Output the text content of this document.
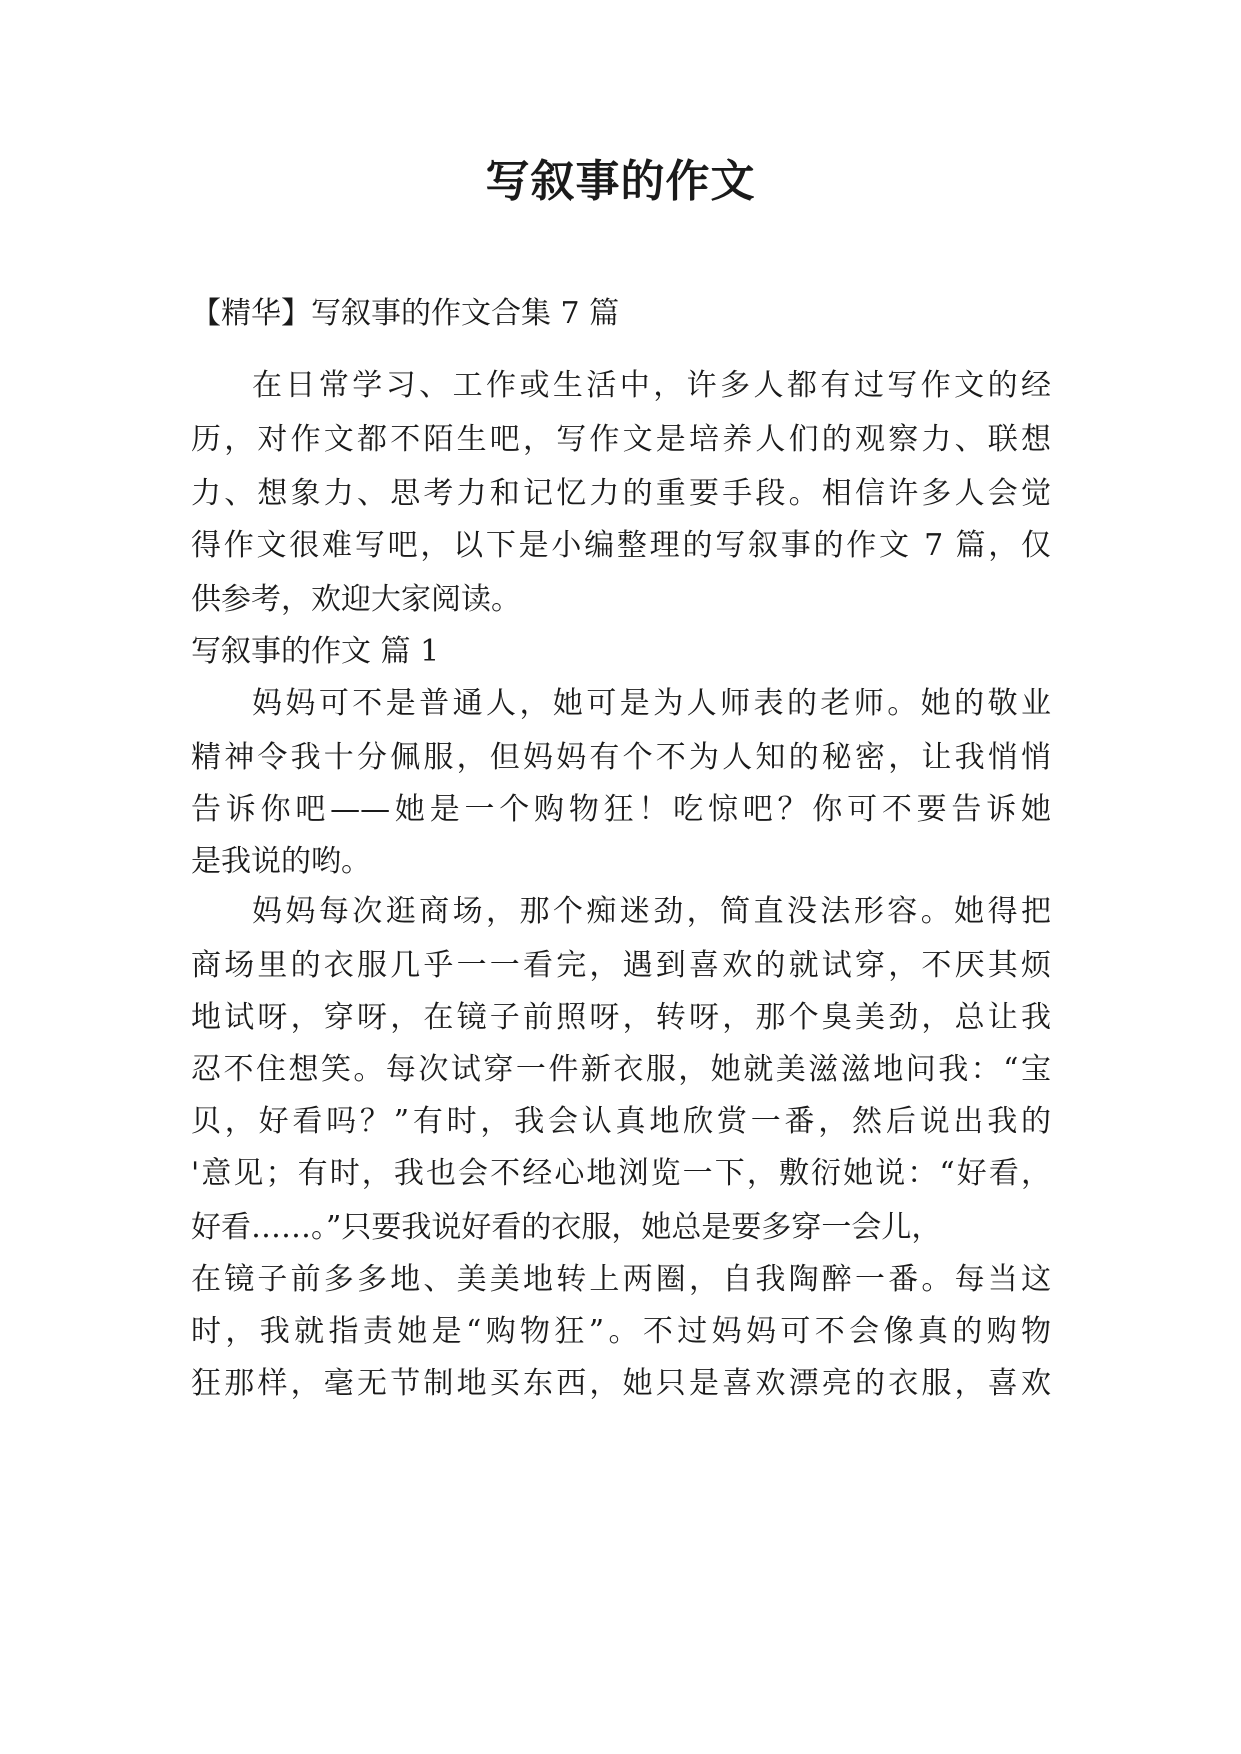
写叙事的作文
【精华】写叙事的作文合集 7 篇
在日常学习、工作或生活中，许多人都有过写作文的经
历，对作文都不陌生吧，写作文是培养人们的观察力、联想
力、想象力、思考力和记忆力的重要手段。相信许多人会觉
得作文很难写吧，以下是小编整理的写叙事的作文 7 篇，仅
供参考，欢迎大家阅读。
写叙事的作文 篇 1
妈妈可不是普通人，她可是为人师表的老师。她的敬业
精神令我十分佩服，但妈妈有个不为人知的秘密，让我悄悄
告诉你吧——她是一个购物狂！吃惊吧？你可不要告诉她
是我说的哟。
妈妈每次逛商场，那个痴迷劲，简直没法形容。她得把
商场里的衣服几乎一一看完，遇到喜欢的就试穿，不厌其烦
地试呀，穿呀，在镜子前照呀，转呀，那个臭美劲，总让我
忍不住想笑。每次试穿一件新衣服，她就美滋滋地问我：“宝
贝，好看吗？”有时，我会认真地欣赏一番，然后说出我的
'意见；有时，我也会不经心地浏览一下，敷衍她说：“好看，
好看……。”只要我说好看的衣服，她总是要多穿一会儿，
在镜子前多多地、美美地转上两圈，自我陶醉一番。每当这
时，我就指责她是“购物狂”。不过妈妈可不会像真的购物
狂那样，毫无节制地买东西，她只是喜欢漂亮的衣服，喜欢
